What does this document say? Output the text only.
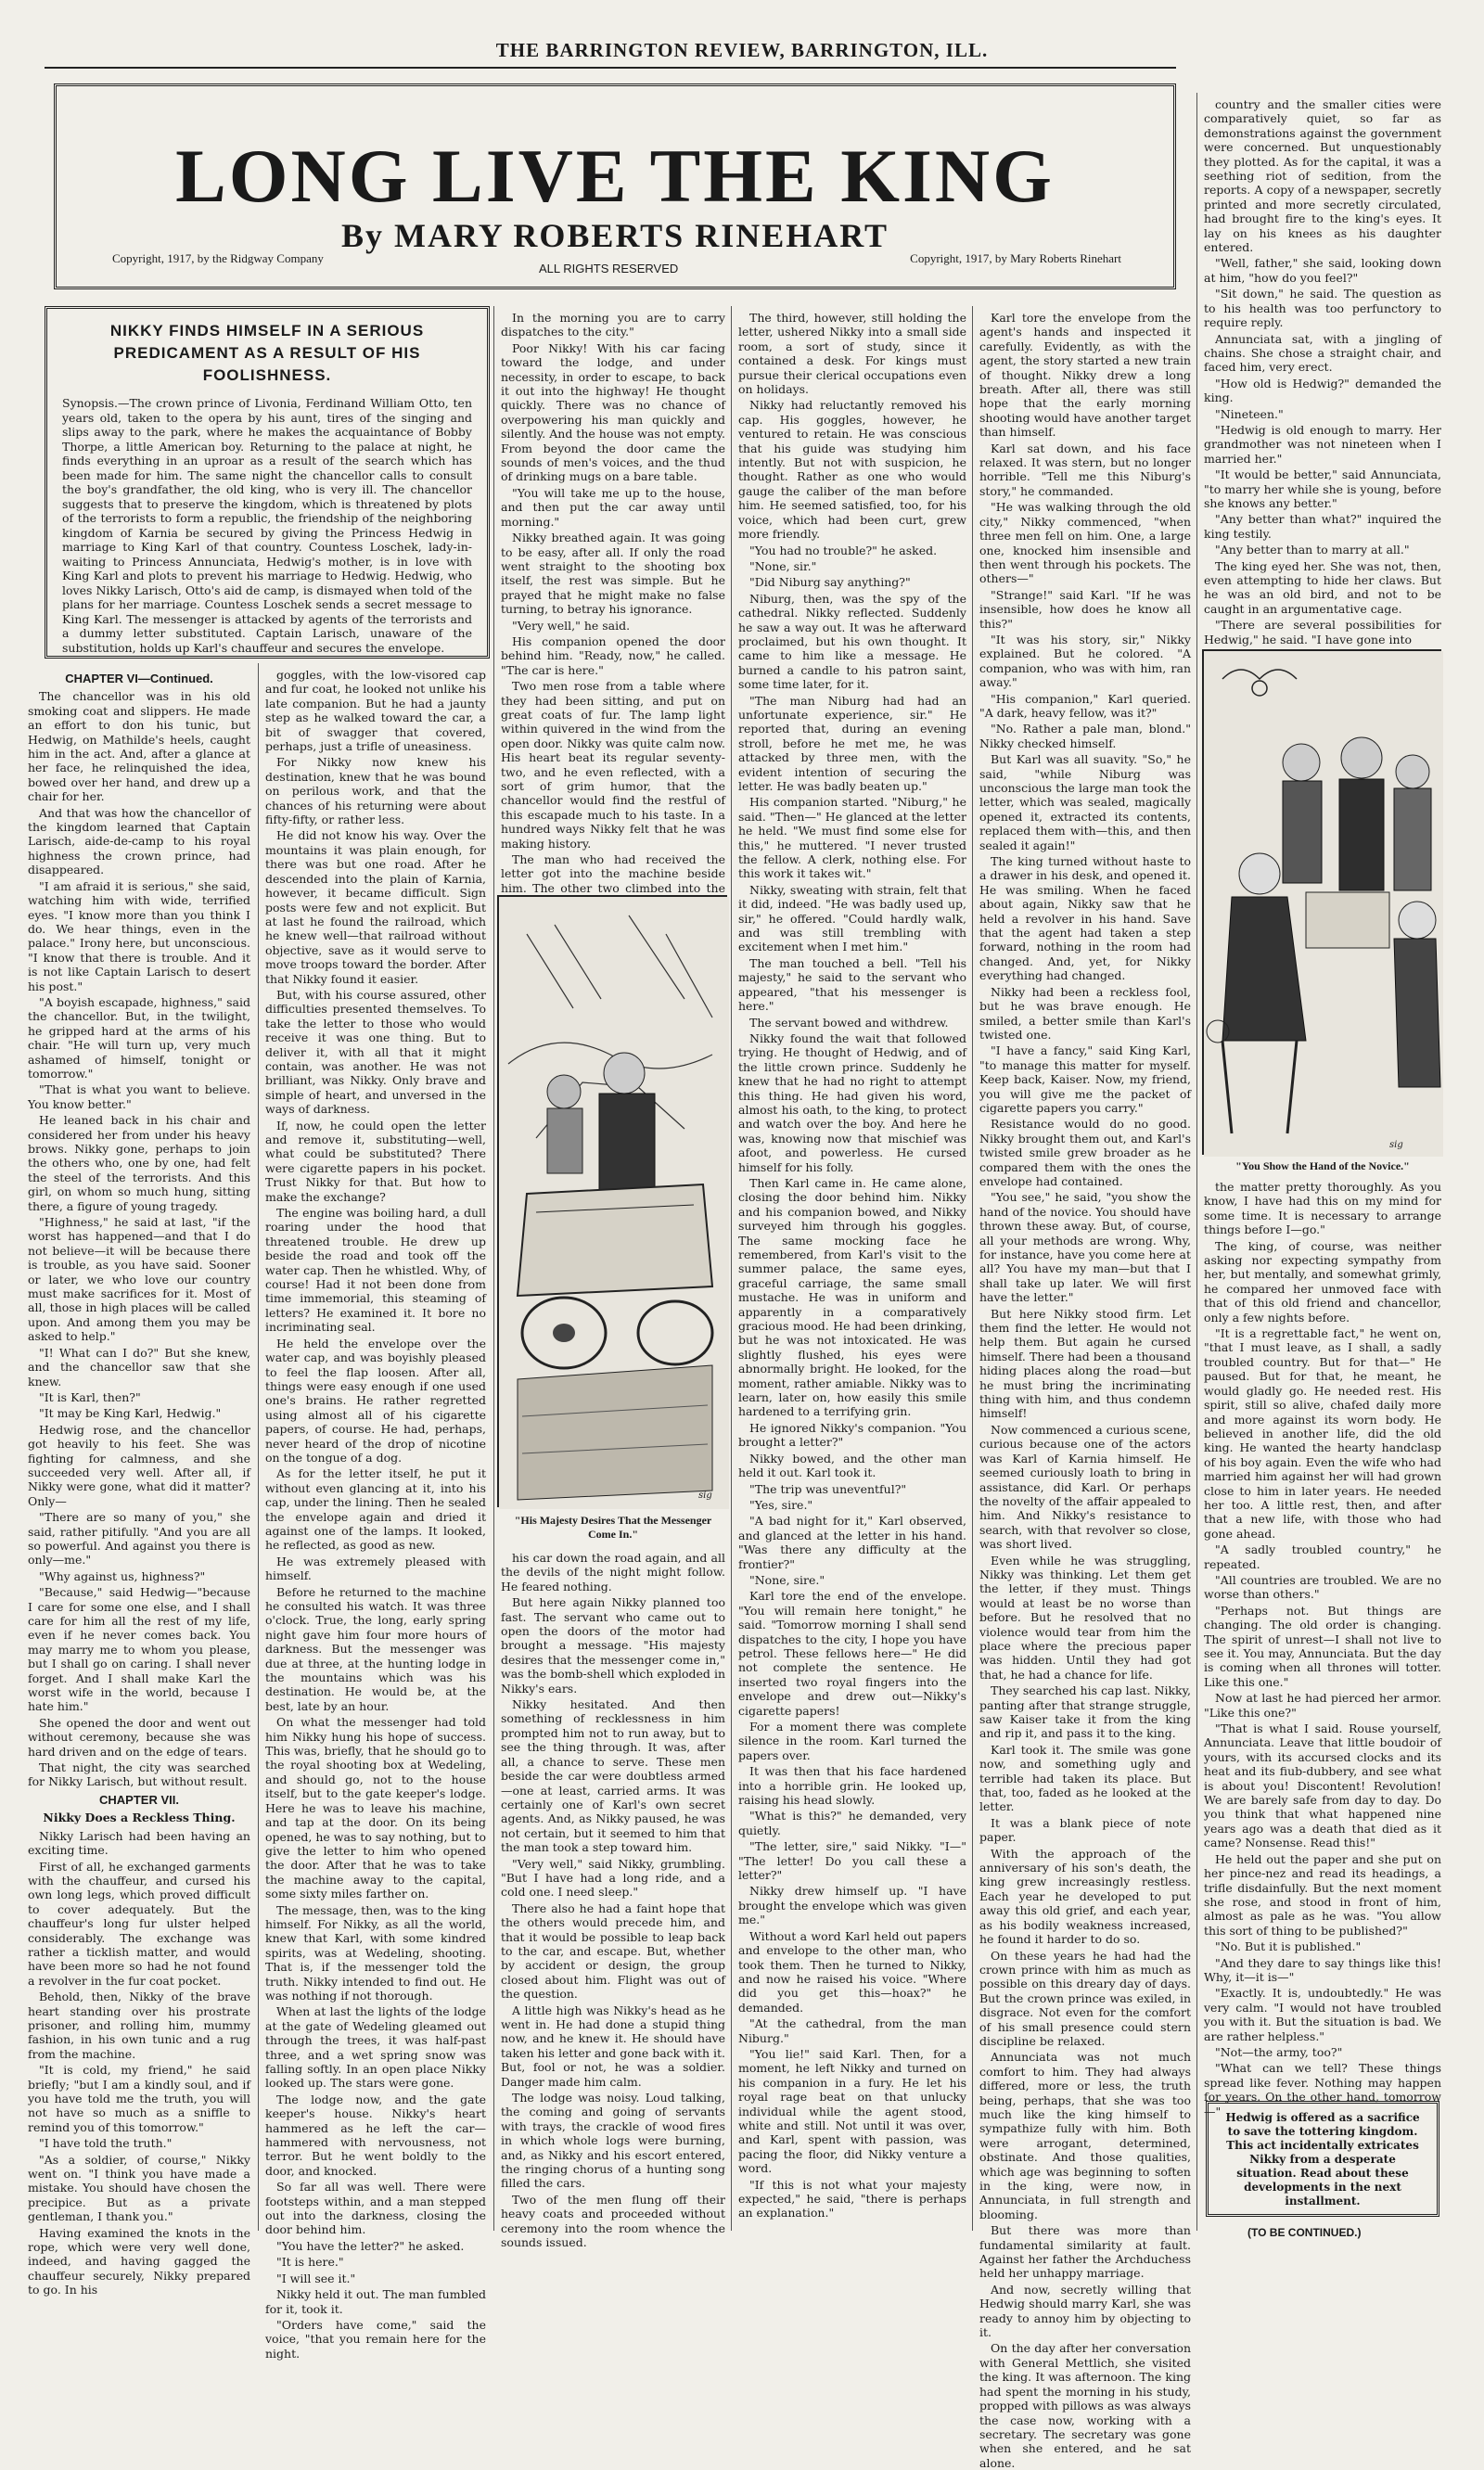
THE BARRINGTON REVIEW, BARRINGTON, ILL.
LONG LIVE THE KING
By MARY ROBERTS RINEHART
Copyright, 1917, by the Ridgway Company
ALL RIGHTS RESERVED
Copyright, 1917, by Mary Roberts Rinehart
NIKKY FINDS HIMSELF IN A SERIOUS PREDICAMENT AS A RESULT OF HIS FOOLISHNESS.
Synopsis.—The crown prince of Livonia, Ferdinand William Otto, ten years old, taken to the opera by his aunt, tires of the singing and slips away to the park, where he makes the acquaintance of Bobby Thorpe, a little American boy. Returning to the palace at night, he finds everything in an uproar as a result of the search which has been made for him. The same night the chancellor calls to consult the boy's grandfather, the old king, who is very ill. The chancellor suggests that to preserve the kingdom, which is threatened by plots of the terrorists to form a republic, the friendship of the neighboring kingdom of Karnia be secured by giving the Princess Hedwig in marriage to King Karl of that country. Countess Loschek, lady-in-waiting to Princess Annunciata, Hedwig's mother, is in love with King Karl and plots to prevent his marriage to Hedwig. Hedwig, who loves Nikky Larisch, Otto's aid de camp, is dismayed when told of the plans for her marriage. Countess Loschek sends a secret message to King Karl. The messenger is attacked by agents of the terrorists and a dummy letter substituted. Captain Larisch, unaware of the substitution, holds up Karl's chauffeur and secures the envelope.
CHAPTER VI—Continued.

The chancellor was in his old smoking coat and slippers. He made an effort to don his tunic, but Hedwig, on Mathilde's heels, caught him in the act. And, after a glance at her face, he relinquished the idea, bowed over her hand, and drew up a chair for her.

And that was how the chancellor of the kingdom learned that Captain Larisch, aide-de-camp to his royal highness the crown prince, had disappeared.

"I am afraid it is serious," she said, watching him with wide, terrified eyes. "I know more than you think I do. We hear things, even in the palace." Irony here, but unconscious. "I know that there is trouble. And it is not like Captain Larisch to desert his post."

"A boyish escapade, highness," said the chancellor. But, in the twilight, he gripped hard at the arms of his chair. "He will turn up, very much ashamed of himself, tonight or tomorrow."

"That is what you want to believe. You know better."

He leaned back in his chair and considered her from under his heavy brows. Nikky gone, perhaps to join the others who, one by one, had felt the steel of the terrorists. And this girl, on whom so much hung, sitting there, a figure of young tragedy.

"Highness," he said at last, "if the worst has happened—and that I do not believe—it will be because there is trouble, as you have said. Sooner or later, we who love our country must make sacrifices for it. Most of all, those in high places will be called upon. And among them you may be asked to help."

"I! What can I do?" But she knew, and the chancellor saw that she knew.

"It is Karl, then?"

"It may be King Karl, Hedwig."

Hedwig rose, and the chancellor got heavily to his feet. She was fighting for calmness, and she succeeded very well. After all, if Nikky were gone, what did it matter? Only—

"There are so many of you," she said, rather pitifully. "And you are all so powerful. And against you there is only—me."

"Why against us, highness?"

"Because," said Hedwig—"because I care for some one else, and I shall care for him all the rest of my life, even if he never comes back. You may marry me to whom you please, but I shall go on caring. I shall never forget. And I shall make Karl the worst wife in the world, because I hate him."

She opened the door and went out without ceremony, because she was hard driven and on the edge of tears.

That night, the city was searched for Nikky Larisch, but without result.

CHAPTER VII.
Nikky Does a Reckless Thing.

Nikky Larisch had been having an exciting time.

First of all, he exchanged garments with the chauffeur, and cursed his own long legs, which proved difficult to cover adequately. But the chauffeur's long fur ulster helped considerably. The exchange was rather a ticklish matter, and would have been more so had he not found a revolver in the fur coat pocket.

Behold, then, Nikky of the brave heart standing over his prostrate prisoner, and rolling him, mummy fashion, in his own tunic and a rug from the machine.

"It is cold, my friend," he said briefly; "but I am a kindly soul, and if you have told me the truth, you will not have so much as a sniffle to remind you of this tomorrow."

"I have told the truth."

"As a soldier, of course," Nikky went on. "I think you have made a mistake. You should have chosen the precipice. But as a private gentleman, I thank you."

Having examined the knots in the rope, which were very well done, indeed, and having gagged the chauffeur securely, Nikky prepared to go. In his

goggles, with the low-visored cap and fur coat, he looked not unlike his late companion. But he had a jaunty step as he walked toward the car, a bit of swagger that covered, perhaps, just a trifle of uneasiness.

For Nikky now knew his destination, knew that he was bound on perilous work, and that the chances of his returning were about fifty-fifty, or rather less.

He did not know his way. Over the mountains it was plain enough, for there was but one road. After he descended into the plain of Karnia, however, it became difficult. Sign posts were few and not explicit. But at last he found the railroad, which he knew well—that railroad without objective, save as it would serve to move troops toward the border. After that Nikky found it easier.

But, with his course assured, other difficulties presented themselves. To take the letter to those who would receive it was one thing. But to deliver it, with all that it might contain, was another. He was not brilliant, was Nikky. Only brave and simple of heart, and unversed in the ways of darkness.

If, now, he could open the letter and remove it, substituting—well, what could be substituted? There were cigarette papers in his pocket. Trust Nikky for that. But how to make the exchange?

The engine was boiling hard, a dull roaring under the hood that threatened trouble. He drew up beside the road and took off the water cap. Then he whistled. Why, of course! Had it not been done from time immemorial, this steaming of letters? He examined it. It bore no incriminating seal.

He held the envelope over the water cap, and was boyishly pleased to feel the flap loosen. After all, things were easy enough if one used one's brains. He rather regretted using almost all of his cigarette papers, of course. He had, perhaps, never heard of the drop of nicotine on the tongue of a dog.

As for the letter itself, he put it without even glancing at it, into his cap, under the lining. Then he sealed the envelope again and dried it against one of the lamps. It looked, he reflected, as good as new.

He was extremely pleased with himself.

Before he returned to the machine he consulted his watch. It was three o'clock. True, the long, early spring night gave him four more hours of darkness. But the messenger was due at three, at the hunting lodge in the mountains which was his destination. He would be, at the best, late by an hour.

On what the messenger had told him Nikky hung his hope of success. This was, briefly, that he should go to the royal shooting box at Wedeling, and should go, not to the house itself, but to the gate keeper's lodge. Here he was to leave his machine, and tap at the door. On its being opened, he was to say nothing, but to give the letter to him who opened the door. After that he was to take the machine away to the capital, some sixty miles farther on.

The message, then, was to the king himself. For Nikky, as all the world, knew that Karl, with some kindred spirits, was at Wedeling, shooting. That is, if the messenger told the truth. Nikky intended to find out. He was nothing if not thorough.

When at last the lights of the lodge at the gate of Wedeling gleamed out through the trees, it was half-past three, and a wet spring snow was falling softly. In an open place Nikky looked up. The stars were gone.

The lodge now, and the gate keeper's house. Nikky's heart hammered as he left the car—hammered with nervousness, not terror. But he went boldly to the door, and knocked.

So far all was well. There were footsteps within, and a man stepped out into the darkness, closing the door behind him.

"You have the letter?" he asked.

"It is here."

"I will see it."

Nikky held it out. The man fumbled for it, took it.

"Orders have come," said the voice, "that you remain here for the night.

In the morning you are to carry dispatches to the city."

Poor Nikky! With his car facing toward the lodge, and under necessity, in order to escape, to back it out into the highway! He thought quickly. There was no chance of overpowering his man quickly and silently. And the house was not empty. From beyond the door came the sounds of men's voices, and the thud of drinking mugs on a bare table.

"You will take me up to the house, and then put the car away until morning."

Nikky breathed again. It was going to be easy, after all. If only the road went straight to the shooting box itself, the rest was simple. But he prayed that he might make no false turning, to betray his ignorance.

"Very well," he said.

His companion opened the door behind him. "Ready, now," he called. "The car is here."

Two men rose from a table where they had been sitting, and put on great coats of fur. The lamp light within quivered in the wind from the open door. Nikky was quite calm now. His heart beat its regular seventy-two, and he even reflected, with a sort of grim humor, that the chancellor would find the restful of this escapade much to his taste. In a hundred ways Nikky felt that he was making history.

The man who had received the letter got into the machine beside him. The other two climbed into the

sig
"His Majesty Desires That the Messenger Come In."

his car down the road again, and all the devils of the night might follow. He feared nothing.

But here again Nikky planned too fast. The servant who came out to open the doors of the motor had brought a message. "His majesty desires that the messenger come in," was the bomb-shell which exploded in Nikky's ears.

Nikky hesitated. And then something of recklessness in him prompted him not to run away, but to see the thing through. It was, after all, a chance to serve. These men beside the car were doubtless armed—one at least, carried arms. It was certainly one of Karl's own secret agents. And, as Nikky paused, he was not certain, but it seemed to him that the man took a step toward him.

"Very well," said Nikky, grumbling. "But I have had a long ride, and a cold one. I need sleep."

There also he had a faint hope that the others would precede him, and that it would be possible to leap back to the car, and escape. But, whether by accident or design, the group closed about him. Flight was out of the question.

A little high was Nikky's head as he went in. He had done a stupid thing now, and he knew it. He should have taken his letter and gone back with it. But, fool or not, he was a soldier. Danger made him calm.

The lodge was noisy. Loud talking, the coming and going of servants with trays, the crackle of wood fires in which whole logs were burning, and, as Nikky and his escort entered, the ringing chorus of a hunting song filled the cars.

Two of the men flung off their heavy coats and proceeded without ceremony into the room whence the sounds issued.

The third, however, still holding the letter, ushered Nikky into a small side room, a sort of study, since it contained a desk. For kings must pursue their clerical occupations even on holidays.

Nikky had reluctantly removed his cap. His goggles, however, he ventured to retain. He was conscious that his guide was studying him intently. But not with suspicion, he thought. Rather as one who would gauge the caliber of the man before him. He seemed satisfied, too, for his voice, which had been curt, grew more friendly.

"You had no trouble?" he asked.

"None, sir."

"Did Niburg say anything?"

Niburg, then, was the spy of the cathedral. Nikky reflected. Suddenly he saw a way out. It was he afterward proclaimed, but his own thought. It came to him like a message. He burned a candle to his patron saint, some time later, for it.

"The man Niburg had had an unfortunate experience, sir." He reported that, during an evening stroll, before he met me, he was attacked by three men, with the evident intention of securing the letter. He was badly beaten up."

His companion started. "Niburg," he said. "Then—" He glanced at the letter he held. "We must find some else for this," he muttered. "I never trusted the fellow. A clerk, nothing else. For this work it takes wit."

Nikky, sweating with strain, felt that it did, indeed. "He was badly used up, sir," he offered. "Could hardly walk, and was still trembling with excitement when I met him."

The man touched a bell. "Tell his majesty," he said to the servant who appeared, "that his messenger is here."

The servant bowed and withdrew.

Nikky found the wait that followed trying. He thought of Hedwig, and of the little crown prince. Suddenly he knew that he had no right to attempt this thing. He had given his word, almost his oath, to the king, to protect and watch over the boy. And here he was, knowing now that mischief was afoot, and powerless. He cursed himself for his folly.

Then Karl came in. He came alone, closing the door behind him. Nikky and his companion bowed, and Nikky surveyed him through his goggles. The same mocking face he remembered, from Karl's visit to the summer palace, the same eyes, graceful carriage, the same small mustache. He was in uniform and apparently in a comparatively gracious mood. He had been drinking, but he was not intoxicated. He was slightly flushed, his eyes were abnormally bright. He looked, for the moment, rather amiable. Nikky was to learn, later on, how easily this smile hardened to a terrifying grin.

He ignored Nikky's companion. "You brought a letter?"

Nikky bowed, and the other man held it out. Karl took it.

"The trip was uneventful?"

"Yes, sire."

"A bad night for it," Karl observed, and glanced at the letter in his hand. "Was there any difficulty at the frontier?"

"None, sire."

Karl tore the end of the envelope. "You will remain here tonight," he said. "Tomorrow morning I shall send dispatches to the city, I hope you have petrol. These fellows here—" He did not complete the sentence. He inserted two royal fingers into the envelope and drew out—Nikky's cigarette papers!

For a moment there was complete silence in the room. Karl turned the papers over.

It was then that his face hardened into a horrible grin. He looked up, raising his head slowly.

"What is this?" he demanded, very quietly.

"The letter, sire," said Nikky. "I—" "The letter! Do you call these a letter?"

Nikky drew himself up. "I have brought the envelope which was given me."

Without a word Karl held out papers and envelope to the other man, who took them. Then he turned to Nikky, and now he raised his voice. "Where did you get this—hoax?" he demanded.

"At the cathedral, from the man Niburg."

"You lie!" said Karl. Then, for a moment, he left Nikky and turned on his companion in a fury. He let his royal rage beat on that unlucky individual while the agent stood, white and still. Not until it was over, and Karl, spent with passion, was pacing the floor, did Nikky venture a word.

"If this is not what your majesty expected," he said, "there is perhaps an explanation."

Karl tore the envelope from the agent's hands and inspected it carefully. Evidently, as with the agent, the story started a new train of thought. Nikky drew a long breath. After all, there was still hope that the early morning shooting would have another target than himself.

Karl sat down, and his face relaxed. It was stern, but no longer horrible. "Tell me this Niburg's story," he commanded.

"He was walking through the old city," Nikky commenced, "when three men fell on him. One, a large one, knocked him insensible and then went through his pockets. The others—"

"Strange!" said Karl. "If he was insensible, how does he know all this?"

"It was his story, sir," Nikky explained. But he colored. "A companion, who was with him, ran away."

"His companion," Karl queried. "A dark, heavy fellow, was it?"

"No. Rather a pale man, blond." Nikky checked himself.

But Karl was all suavity. "So," he said, "while Niburg was unconscious the large man took the letter, which was sealed, magically opened it, extracted its contents, replaced them with—this, and then sealed it again!"

The king turned without haste to a drawer in his desk, and opened it. He was smiling. When he faced about again, Nikky saw that he held a revolver in his hand. Save that the agent had taken a step forward, nothing in the room had changed. And, yet, for Nikky everything had changed.

Nikky had been a reckless fool, but he was brave enough. He smiled, a better smile than Karl's twisted one.

"I have a fancy," said King Karl, "to manage this matter for myself. Keep back, Kaiser. Now, my friend, you will give me the packet of cigarette papers you carry."

Resistance would do no good. Nikky brought them out, and Karl's twisted smile grew broader as he compared them with the ones the envelope had contained.

"You see," he said, "you show the hand of the novice. You should have thrown these away. But, of course, all your methods are wrong. Why, for instance, have you come here at all? You have my man—but that I shall take up later. We will first have the letter."

But here Nikky stood firm. Let them find the letter. He would not help them. But again he cursed himself. There had been a thousand hiding places along the road—but he must bring the incriminating thing with him, and thus condemn himself!

Now commenced a curious scene, curious because one of the actors was Karl of Karnia himself. He seemed curiously loath to bring in assistance, did Karl. Or perhaps the novelty of the affair appealed to him. And Nikky's resistance to search, with that revolver so close, was short lived.

Even while he was struggling, Nikky was thinking. Let them get the letter, if they must. Things would at least be no worse than before. But he resolved that no violence would tear from him the place where the precious paper was hidden. Until they had got that, he had a chance for life.

They searched his cap last. Nikky, panting after that strange struggle, saw Kaiser take it from the king and rip it, and pass it to the king.

Karl took it. The smile was gone now, and something ugly and terrible had taken its place. But that, too, faded as he looked at the letter.

It was a blank piece of note paper.

With the approach of the anniversary of his son's death, the king grew increasingly restless. Each year he developed to put away this old grief, and each year, as his bodily weakness increased, he found it harder to do so.

On these years he had had the crown prince with him as much as possible on this dreary day of days. But the crown prince was exiled, in disgrace. Not even for the comfort of his small presence could stern discipline be relaxed.

Annunciata was not much comfort to him. They had always differed, more or less, the truth being, perhaps, that she was too much like the king himself to sympathize fully with him. Both were arrogant, determined, obstinate. And those qualities, which age was beginning to soften in the king, were now, in Annunciata, in full strength and blooming.

But there was more than fundamental similarity at fault. Against her father the Archduchess held her unhappy marriage.

And now, secretly willing that Hedwig should marry Karl, she was ready to annoy him by objecting to it.

On the day after her conversation with General Mettlich, she visited the king. It was afternoon. The king had spent the morning in his study, propped with pillows as was always the case now, working with a secretary. The secretary was gone when she entered, and he sat alone.

country and the smaller cities were comparatively quiet, so far as demonstrations against the government were concerned. But unquestionably they plotted. As for the capital, it was a seething riot of sedition, from the reports. A copy of a newspaper, secretly printed and more secretly circulated, had brought fire to the king's eyes. It lay on his knees as his daughter entered.

"Well, father," she said, looking down at him, "how do you feel?"

"Sit down," he said. The question as to his health was too perfunctory to require reply.

Annunciata sat, with a jingling of chains. She chose a straight chair, and faced him, very erect.

"How old is Hedwig?" demanded the king.

"Nineteen."

"Hedwig is old enough to marry. Her grandmother was not nineteen when I married her."

"It would be better," said Annunciata, "to marry her while she is young, before she knows any better."

"Any better than what?" inquired the king testily.

"Any better than to marry at all."

The king eyed her. She was not, then, even attempting to hide her claws. But he was an old bird, and not to be caught in an argumentative cage.

"There are several possibilities for Hedwig," he said. "I have gone into

sig
"You Show the Hand of the Novice."

the matter pretty thoroughly. As you know, I have had this on my mind for some time. It is necessary to arrange things before I—go."

The king, of course, was neither asking nor expecting sympathy from her, but mentally, and somewhat grimly, he compared her unmoved face with that of this old friend and chancellor, only a few nights before.

"It is a regrettable fact," he went on, "that I must leave, as I shall, a sadly troubled country. But for that—" He paused. But for that, he meant, he would gladly go. He needed rest. His spirit, still so alive, chafed daily more and more against its worn body. He believed in another life, did the old king. He wanted the hearty handclasp of his boy again. Even the wife who had married him against her will had grown close to him in later years. He needed her too. A little rest, then, and after that a new life, with those who had gone ahead.

"A sadly troubled country," he repeated.

"All countries are troubled. We are no worse than others."

"Perhaps not. But things are changing. The old order is changing. The spirit of unrest—I shall not live to see it. You may, Annunciata. But the day is coming when all thrones will totter. Like this one."

Now at last he had pierced her armor. "Like this one?"

"That is what I said. Rouse yourself, Annunciata. Leave that little boudoir of yours, with its accursed clocks and its heat and its fiub-dubbery, and see what is about you! Discontent! Revolution! We are barely safe from day to day. Do you think that what happened nine years ago was a death that died as it came? Nonsense. Read this!"

He held out the paper and she put on her pince-nez and read its headings, a trifle disdainfully. But the next moment she rose, and stood in front of him, almost as pale as he was. "You allow this sort of thing to be published?"

"No. But it is published."

"And they dare to say things like this! Why, it—it is—"

"Exactly. It is, undoubtedly." He was very calm. "I would not have troubled you with it. But the situation is bad. We are rather helpless."

"Not—the army, too?"

"What can we tell? These things spread like fever. Nothing may happen for years. On the other hand, tomorrow—" Hedwig is offered as a sacrifice to save the tottering kingdom. This act incidentally extricates Nikky from a desperate situation. Read about these developments in the next installment.
(TO BE CONTINUED.)
